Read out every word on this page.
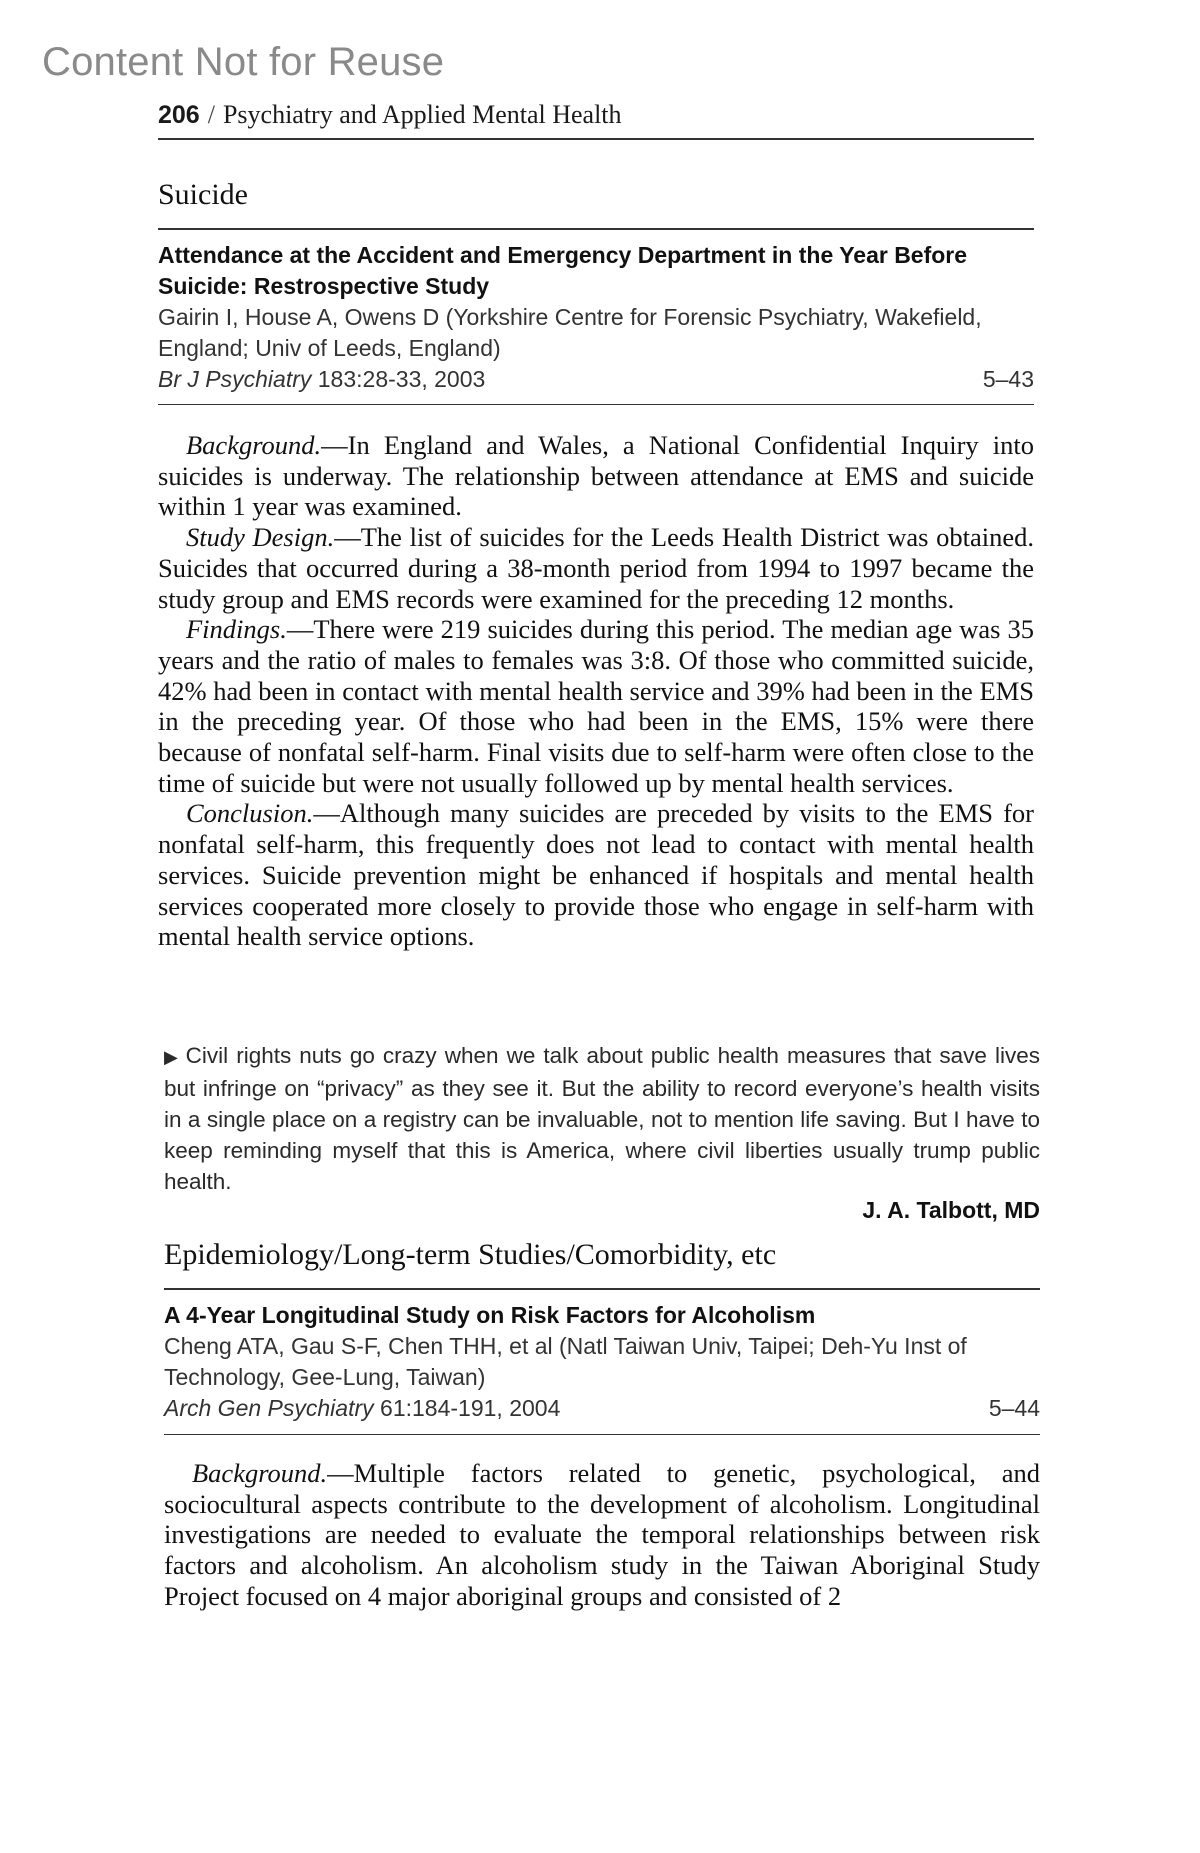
Content Not for Reuse
206 / Psychiatry and Applied Mental Health
Suicide
Attendance at the Accident and Emergency Department in the Year Before Suicide: Restrospective Study
Gairin I, House A, Owens D (Yorkshire Centre for Forensic Psychiatry, Wakefield, England; Univ of Leeds, England)
Br J Psychiatry 183:28-33, 2003	5–43

Background.—In England and Wales, a National Confidential Inquiry into suicides is underway. The relationship between attendance at EMS and suicide within 1 year was examined.

Study Design.—The list of suicides for the Leeds Health District was obtained. Suicides that occurred during a 38-month period from 1994 to 1997 became the study group and EMS records were examined for the preceding 12 months.

Findings.—There were 219 suicides during this period. The median age was 35 years and the ratio of males to females was 3:8. Of those who committed suicide, 42% had been in contact with mental health service and 39% had been in the EMS in the preceding year. Of those who had been in the EMS, 15% were there because of nonfatal self-harm. Final visits due to self-harm were often close to the time of suicide but were not usually followed up by mental health services.

Conclusion.—Although many suicides are preceded by visits to the EMS for nonfatal self-harm, this frequently does not lead to contact with mental health services. Suicide prevention might be enhanced if hospitals and mental health services cooperated more closely to provide those who engage in self-harm with mental health service options.

▶ Civil rights nuts go crazy when we talk about public health measures that save lives but infringe on “privacy” as they see it. But the ability to record everyone’s health visits in a single place on a registry can be invaluable, not to mention life saving. But I have to keep reminding myself that this is America, where civil liberties usually trump public health.
J. A. Talbott, MD
Epidemiology/Long-term Studies/Comorbidity, etc
A 4-Year Longitudinal Study on Risk Factors for Alcoholism
Cheng ATA, Gau S-F, Chen THH, et al (Natl Taiwan Univ, Taipei; Deh-Yu Inst of Technology, Gee-Lung, Taiwan)
Arch Gen Psychiatry 61:184-191, 2004	5–44

Background.—Multiple factors related to genetic, psychological, and sociocultural aspects contribute to the development of alcoholism. Longitudinal investigations are needed to evaluate the temporal relationships between risk factors and alcoholism. An alcoholism study in the Taiwan Aboriginal Study Project focused on 4 major aboriginal groups and consisted of 2
